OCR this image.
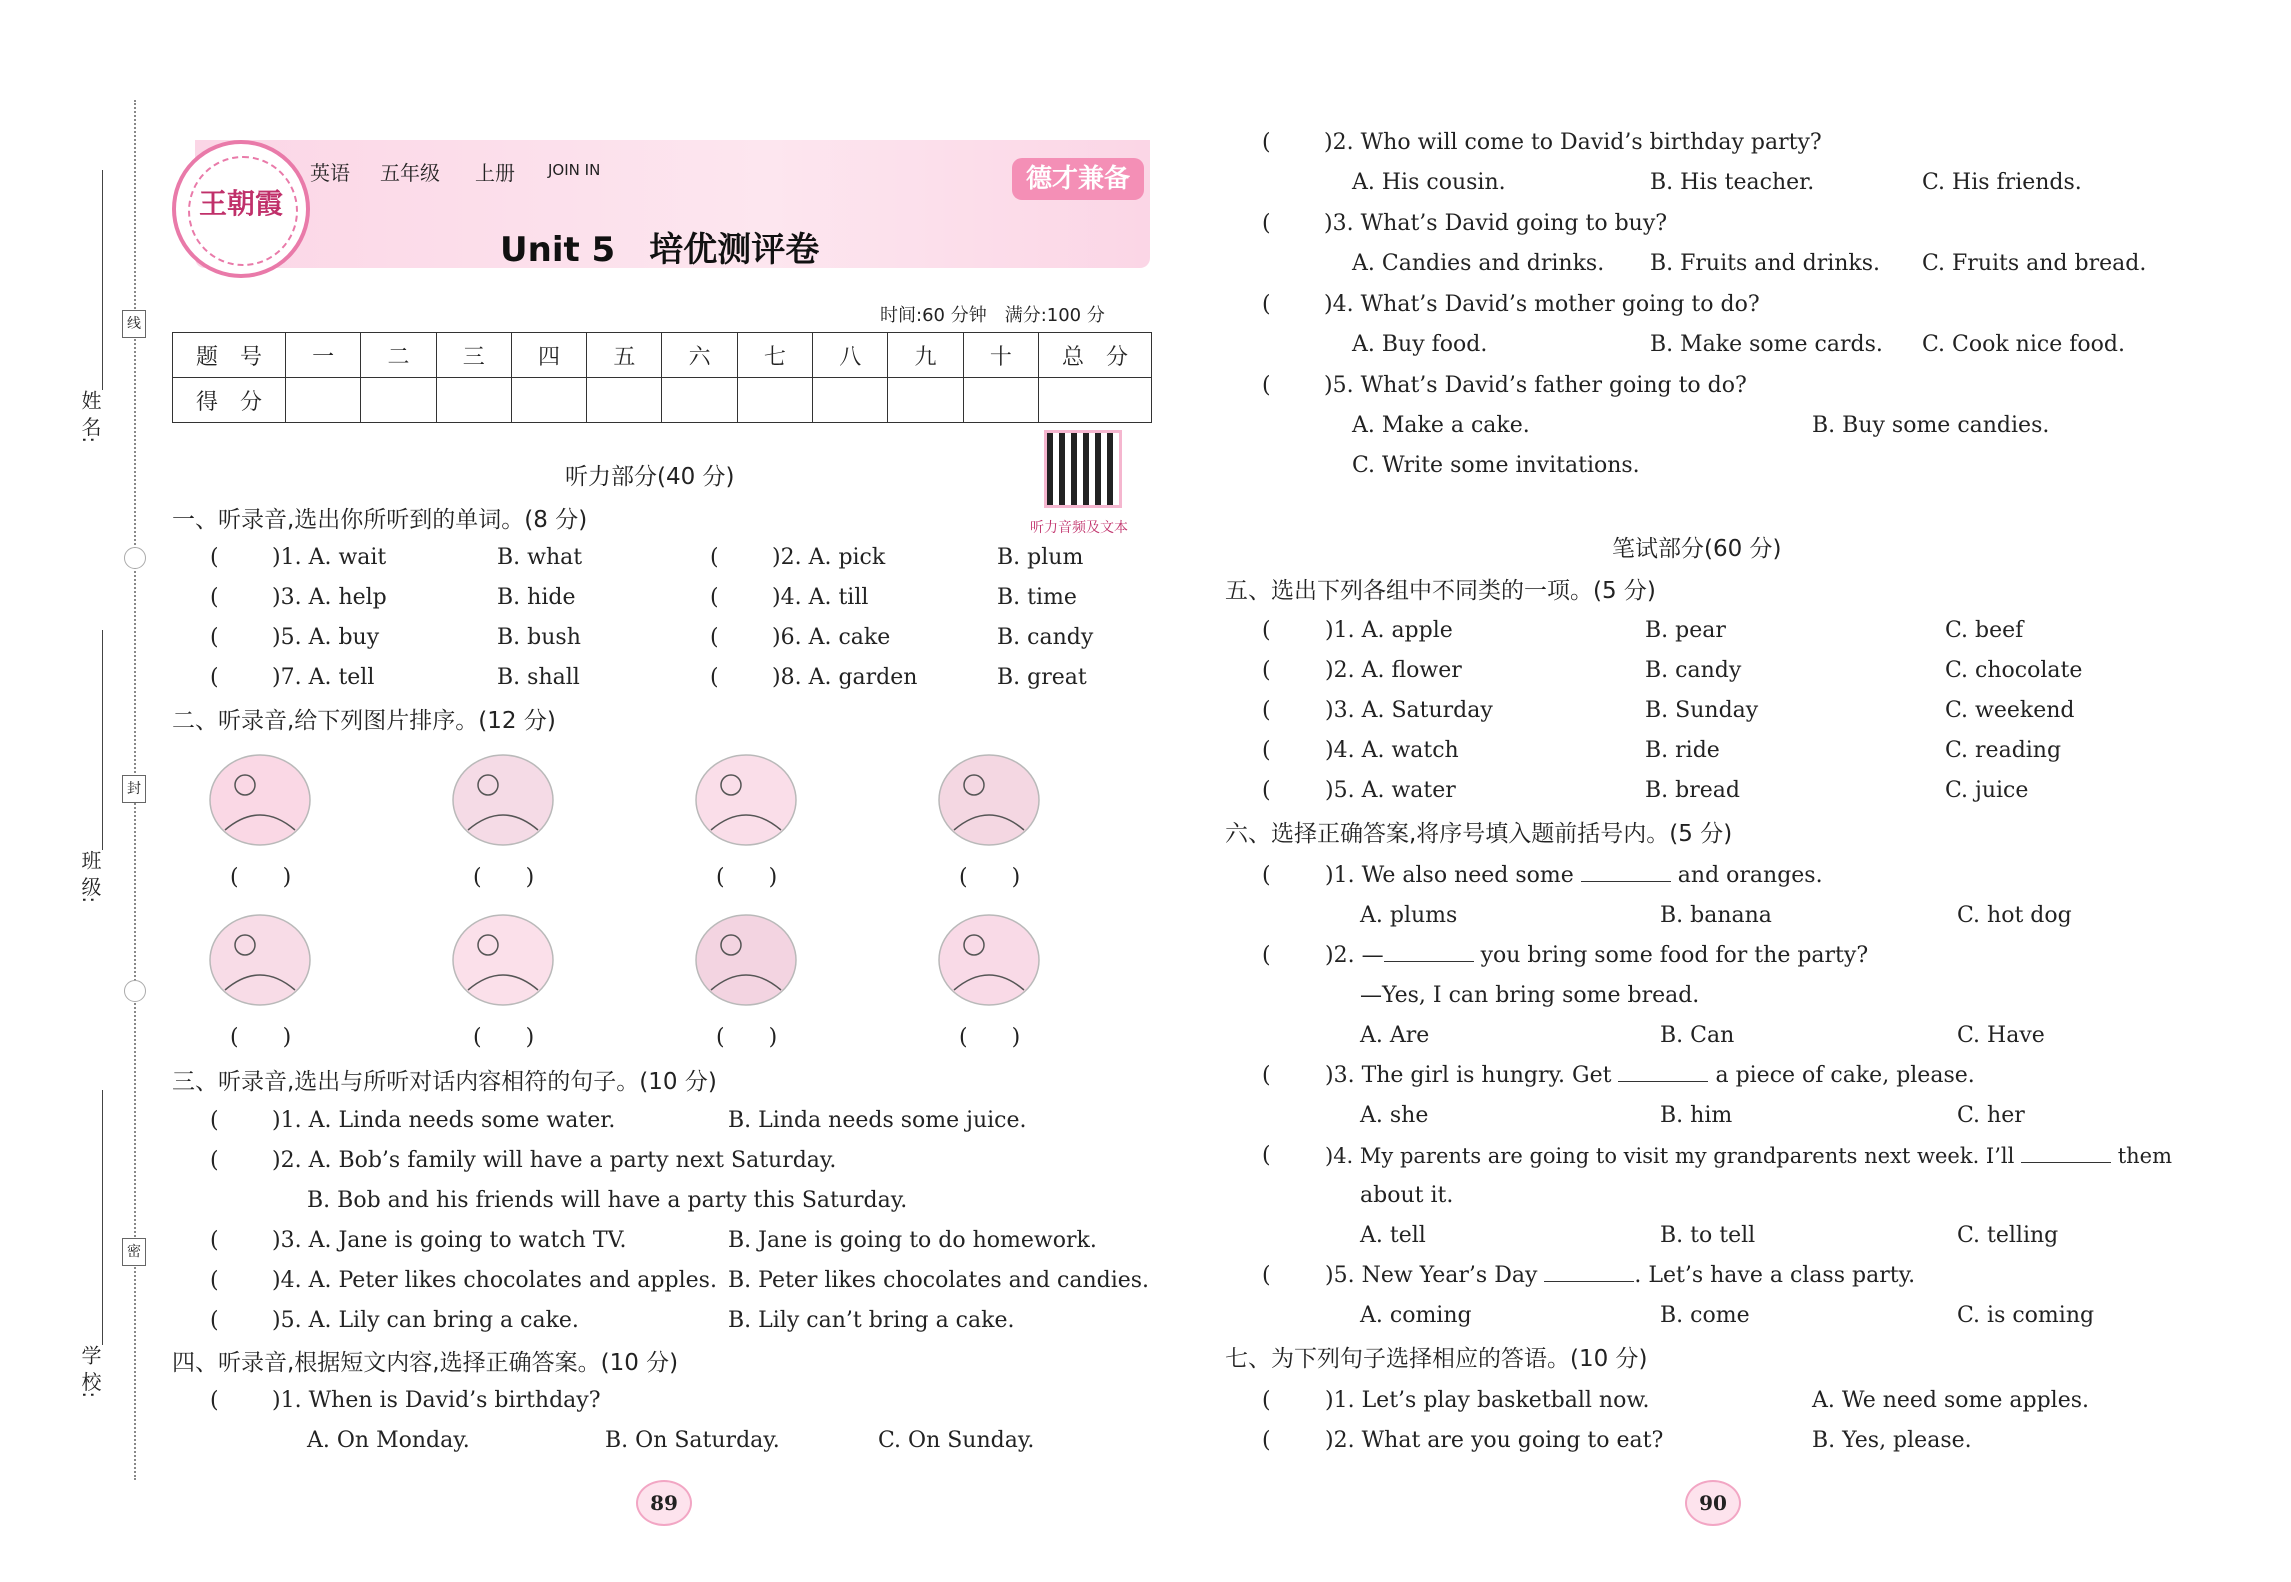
姓 名:
班 级:
学 校:
线
封
密
王朝霞
英语 五年级 上册 JOIN IN	德才兼备
Unit 5　培优测评卷
时间:60 分钟　满分:100 分
题　号	一	二	三	四	五	六	七	八	九	十	总　分
得　分											
听力部分(40 分)
听力音频及文本
一、听录音,选出你所听到的单词。(8 分)
( )1. A. wait	B. what	( )2. A. pick	B. plum
( )3. A. help	B. hide	( )4. A. till	B. time
( )5. A. buy	B. bush	( )6. A. cake	B. candy
( )7. A. tell	B. shall	( )8. A. garden	B. great
二、听录音,给下列图片排序。(12 分)
(　　)	(　　)	(　　)	(　　)
(　　)	(　　)	(　　)	(　　)
三、听录音,选出与所听对话内容相符的句子。(10 分)
( )1. A. Linda needs some water.	B. Linda needs some juice.
( )2. A. Bob’s family will have a party next Saturday.
B. Bob and his friends will have a party this Saturday.
( )3. A. Jane is going to watch TV.	B. Jane is going to do homework.
( )4. A. Peter likes chocolates and apples. B. Peter likes chocolates and candies.
( )5. A. Lily can bring a cake.	B. Lily can’t bring a cake.
四、听录音,根据短文内容,选择正确答案。(10 分)
( )1. When is David’s birthday?
A. On Monday.	B. On Saturday.	C. On Sunday.
( )2. Who will come to David’s birthday party?
A. His cousin.	B. His teacher.	C. His friends.
( )3. What’s David going to buy?
A. Candies and drinks. B. Fruits and drinks. C. Fruits and bread.
( )4. What’s David’s mother going to do?
A. Buy food.	B. Make some cards. C. Cook nice food.
( )5. What’s David’s father going to do?
A. Make a cake.	B. Buy some candies.
C. Write some invitations.
笔试部分(60 分)
五、选出下列各组中不同类的一项。(5 分)
( )1. A. apple	B. pear	C. beef
( )2. A. flower	B. candy	C. chocolate
( )3. A. Saturday	B. Sunday	C. weekend
( )4. A. watch	B. ride	C. reading
( )5. A. water	B. bread	C. juice
六、选择正确答案,将序号填入题前括号内。(5 分)
( )1. We also need some	and oranges.
A. plums	B. banana	C. hot dog
( )2. —	you bring some food for the party?
—Yes, I can bring some bread.
A. Are	B. Can	C. Have
( )3. The girl is hungry. Get	a piece of cake, please.
A. she	B. him	C. her
(	)4. My parents are going to visit my grandparents next week. I’ll	them
about it.
A. tell	B. to tell	C. telling
( )5. New Year’s Day	. Let’s have a class party.
A. coming	B. come	C. is coming
七、为下列句子选择相应的答语。(10 分)
( )1. Let’s play basketball now.	A. We need some apples.
( )2. What are you going to eat?	B. Yes, please.
89	90
